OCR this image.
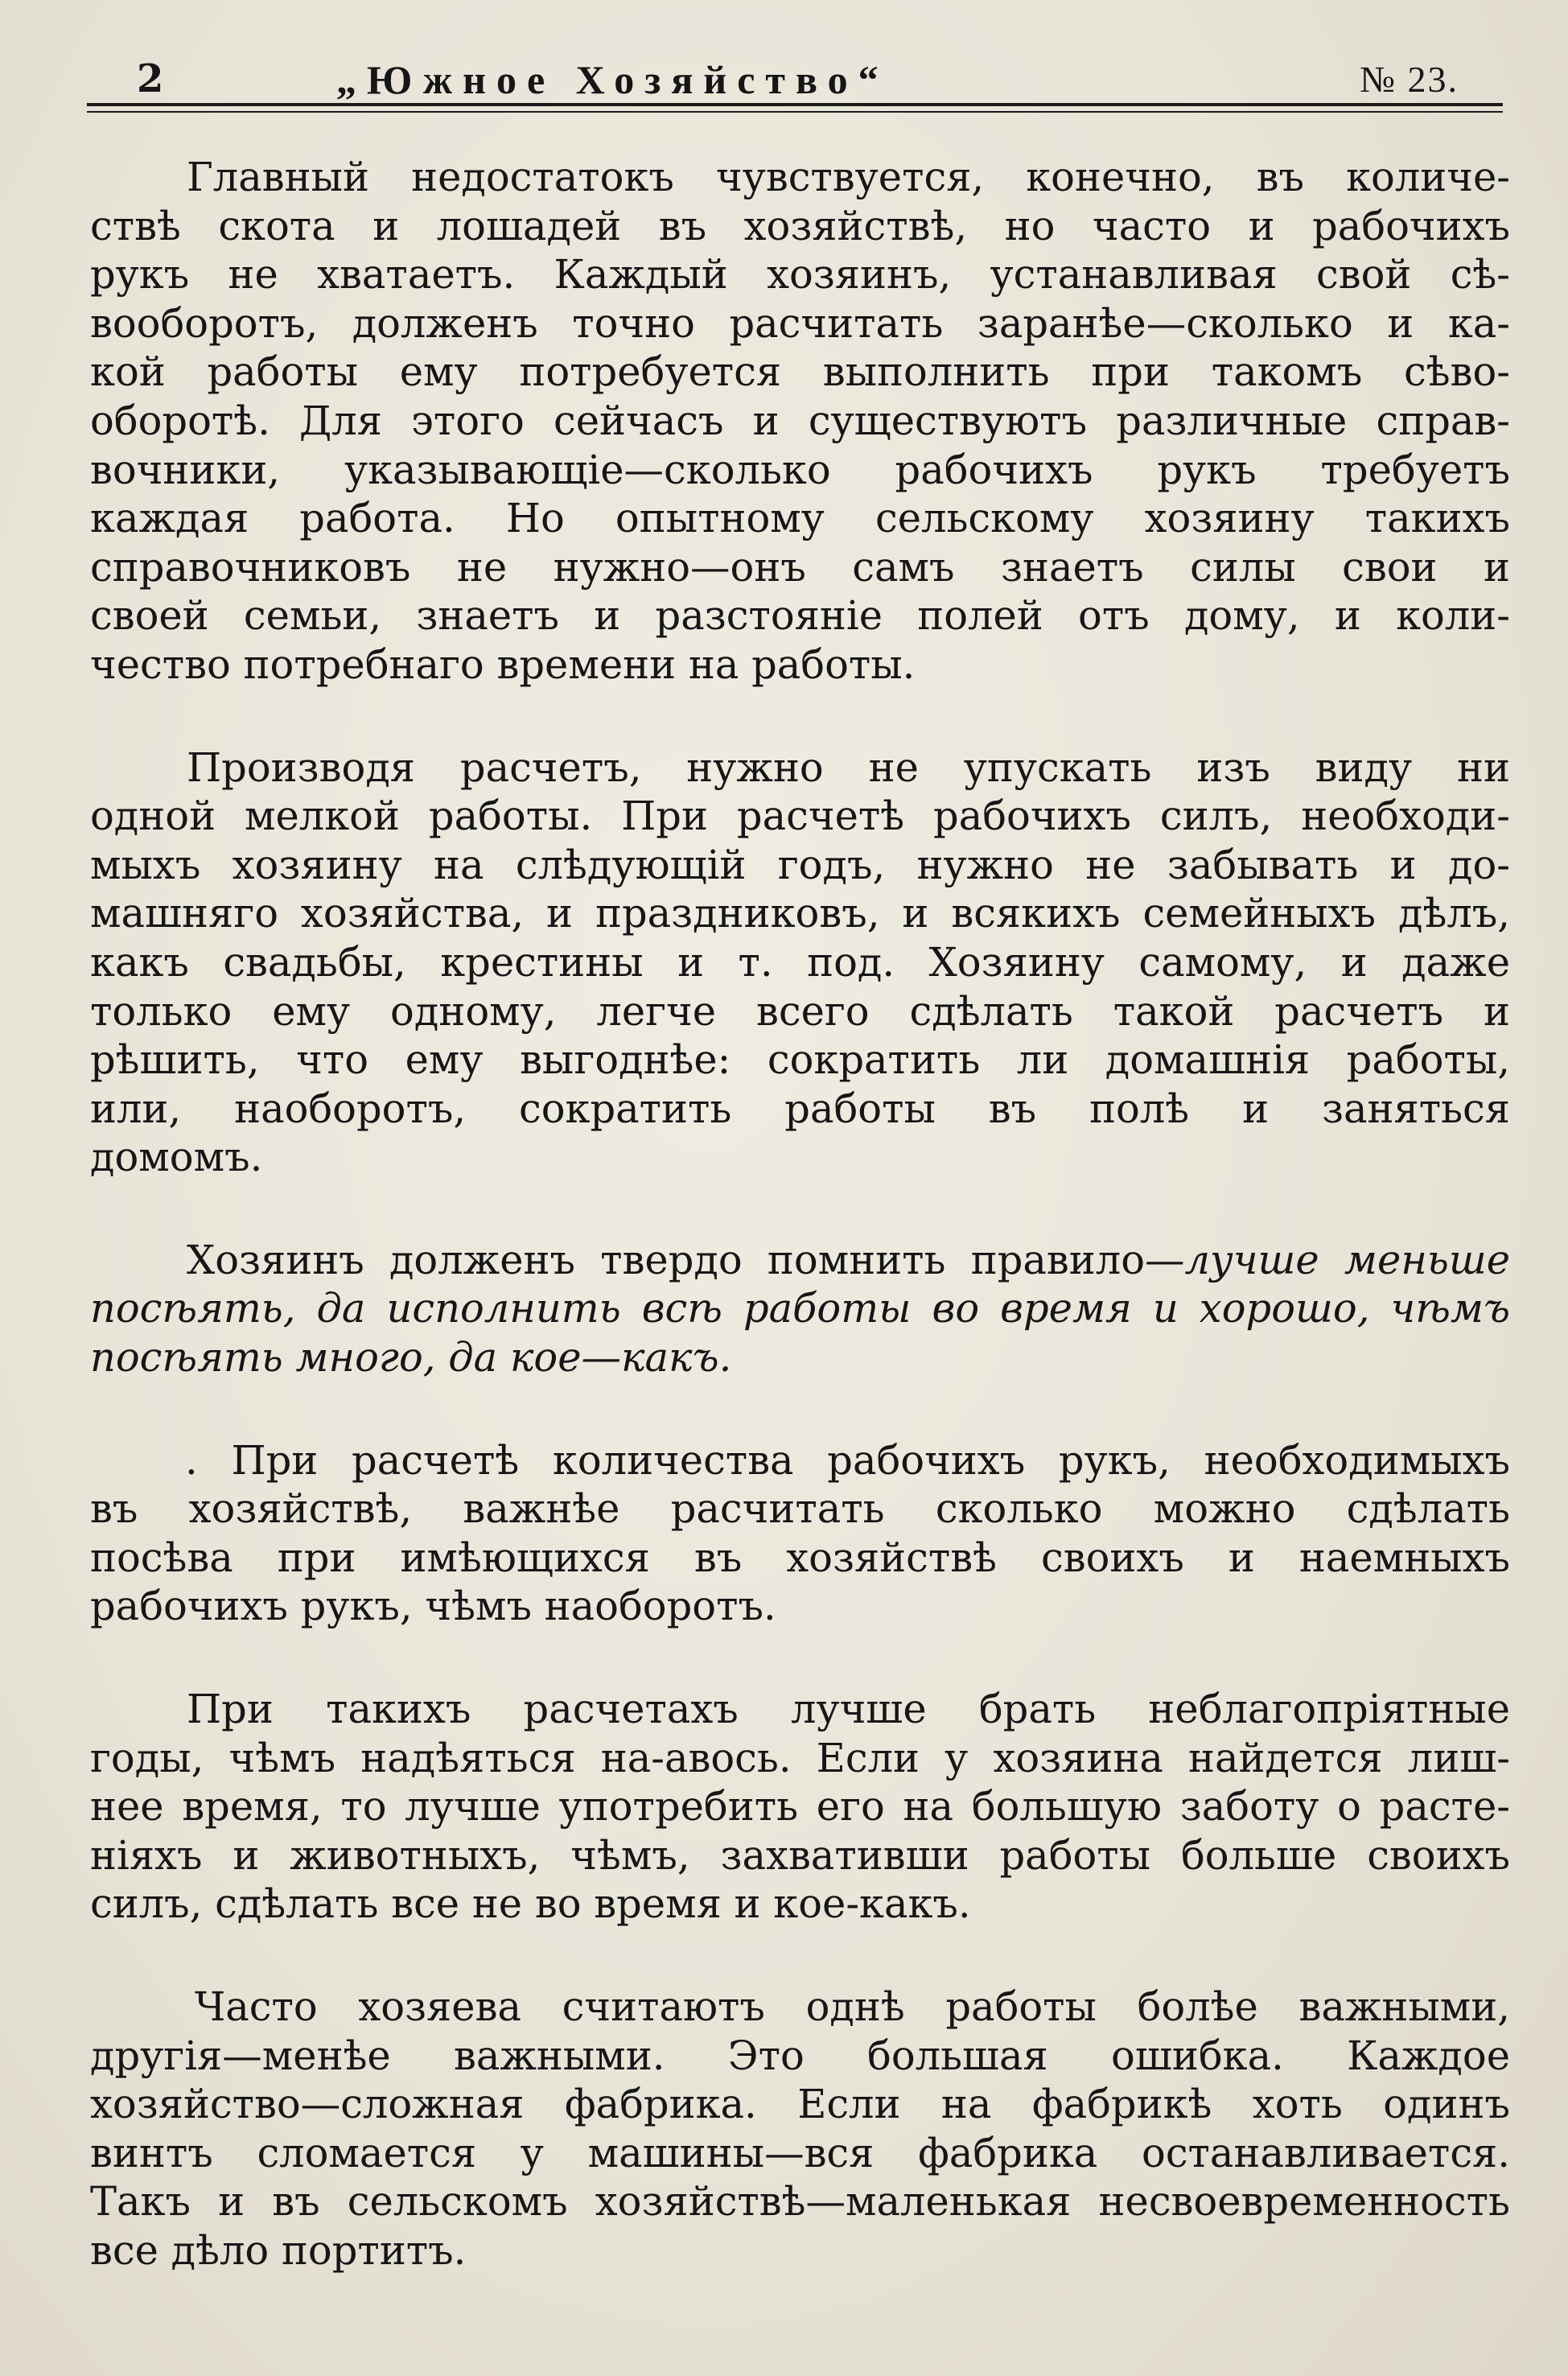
2	„Южное Хозяйство“	№ 23.
Главный недостатокъ чувствуется, конечно, въ количе-
ствѣ скота и лошадей въ хозяйствѣ, но часто и рабочихъ
рукъ не хватаетъ. Каждый хозяинъ, устанавливая свой сѣ-
вооборотъ, долженъ точно расчитать заранѣе—сколько и ка-
кой работы ему потребуется выполнить при такомъ сѣво-
оборотѣ. Для этого сейчасъ и существуютъ различные справ-
вочники, указывающіе—сколько рабочихъ рукъ требуетъ
каждая работа. Но опытному сельскому хозяину такихъ
справочниковъ не нужно—онъ самъ знаетъ силы свои и
своей семьи, знаетъ и разстояніе полей отъ дому, и коли-
чество потребнаго времени на работы.
Производя расчетъ, нужно не упускать изъ виду ни
одной мелкой работы. При расчетѣ рабочихъ силъ, необходи-
мыхъ хозяину на слѣдующій годъ, нужно не забывать и до-
машняго хозяйства, и праздниковъ, и всякихъ семейныхъ дѣлъ,
какъ свадьбы, крестины и т. под. Хозяину самому, и даже
только ему одному, легче всего сдѣлать такой расчетъ и
рѣшить, что ему выгоднѣе: сократить ли домашнія работы,
или, наоборотъ, сократить работы въ полѣ и заняться
домомъ.
Хозяинъ долженъ твердо помнить правило—лучше меньше
посѣять, да исполнить всѣ работы во время и хорошо, чѣмъ
посѣять много, да кое—какъ.
. При расчетѣ количества рабочихъ рукъ, необходимыхъ
въ хозяйствѣ, важнѣе расчитать сколько можно сдѣлать
посѣва при имѣющихся въ хозяйствѣ своихъ и наемныхъ
рабочихъ рукъ, чѣмъ наоборотъ.
При такихъ расчетахъ лучше брать неблагопріятные
годы, чѣмъ надѣяться на-авось. Если у хозяина найдется лиш-
нее время, то лучше употребить его на большую заботу о расте-
ніяхъ и животныхъ, чѣмъ, захвативши работы больше своихъ
силъ, сдѣлать все не во время и кое-какъ.
Часто хозяева считаютъ однѣ работы болѣе важными,
другія—менѣе важными. Это большая ошибка. Каждое
хозяйство—сложная фабрика. Если на фабрикѣ хоть одинъ
винтъ сломается у машины—вся фабрика останавливается.
Такъ и въ сельскомъ хозяйствѣ—маленькая несвоевременность
все дѣло портитъ.
